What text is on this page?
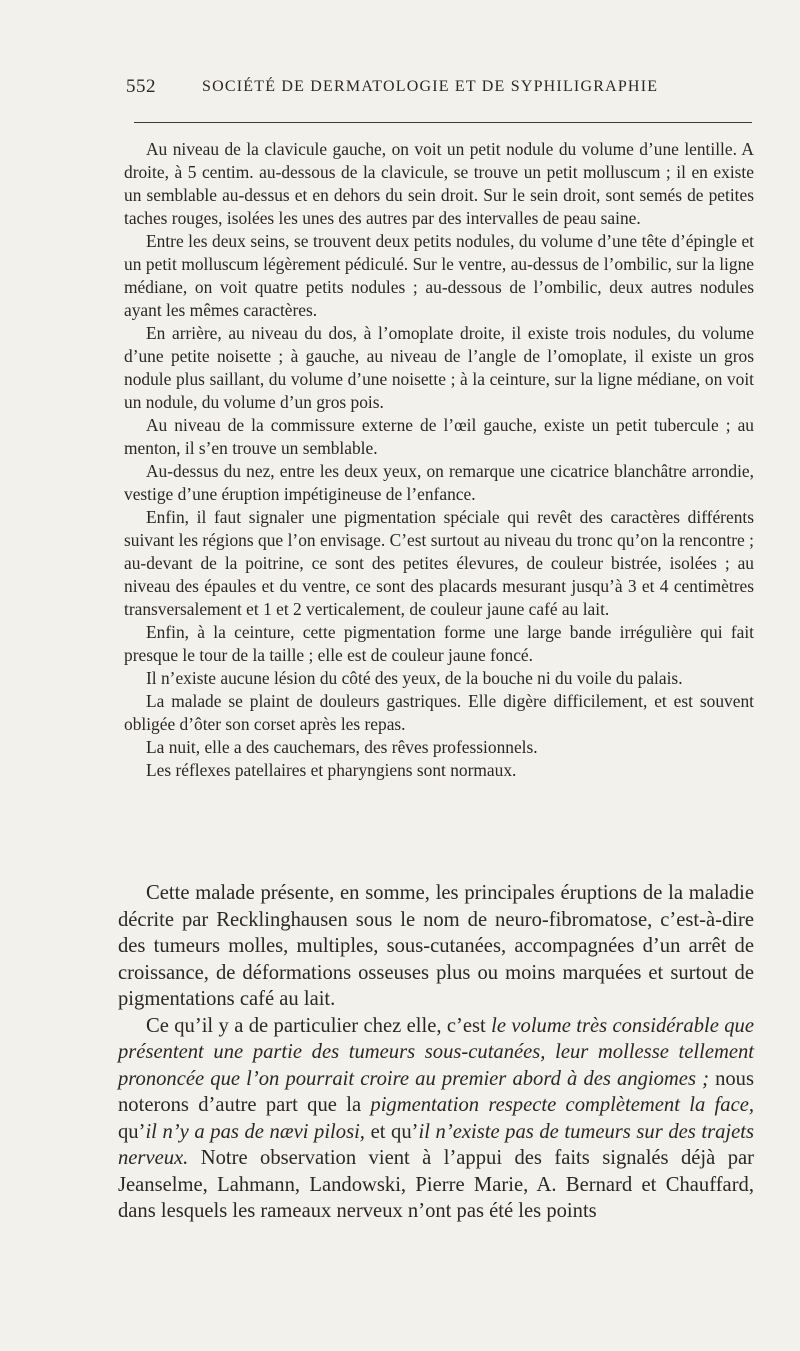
552	SOCIÉTÉ DE DERMATOLOGIE ET DE SYPHILIGRAPHIE

Au niveau de la clavicule gauche, on voit un petit nodule du volume d’une lentille. A droite, à 5 centim. au-dessous de la clavicule, se trouve un petit molluscum ; il en existe un semblable au-dessus et en dehors du sein droit. Sur le sein droit, sont semés de petites taches rouges, isolées les unes des autres par des intervalles de peau saine.

Entre les deux seins, se trouvent deux petits nodules, du volume d’une tête d’épingle et un petit molluscum légèrement pédiculé. Sur le ventre, au-dessus de l’ombilic, sur la ligne médiane, on voit quatre petits nodules ; au-dessous de l’ombilic, deux autres nodules ayant les mêmes caractères.

En arrière, au niveau du dos, à l’omoplate droite, il existe trois nodules, du volume d’une petite noisette ; à gauche, au niveau de l’angle de l’omoplate, il existe un gros nodule plus saillant, du volume d’une noisette ; à la ceinture, sur la ligne médiane, on voit un nodule, du volume d’un gros pois.

Au niveau de la commissure externe de l’œil gauche, existe un petit tubercule ; au menton, il s’en trouve un semblable.

Au-dessus du nez, entre les deux yeux, on remarque une cicatrice blanchâtre arrondie, vestige d’une éruption impétigineuse de l’enfance.

Enfin, il faut signaler une pigmentation spéciale qui revêt des caractères différents suivant les régions que l’on envisage. C’est surtout au niveau du tronc qu’on la rencontre ; au-devant de la poitrine, ce sont des petites élevures, de couleur bistrée, isolées ; au niveau des épaules et du ventre, ce sont des placards mesurant jusqu’à 3 et 4 centimètres transversalement et 1 et 2 verticalement, de couleur jaune café au lait.

Enfin, à la ceinture, cette pigmentation forme une large bande irrégulière qui fait presque le tour de la taille ; elle est de couleur jaune foncé.

Il n’existe aucune lésion du côté des yeux, de la bouche ni du voile du palais.

La malade se plaint de douleurs gastriques. Elle digère difficilement, et est souvent obligée d’ôter son corset après les repas.

La nuit, elle a des cauchemars, des rêves professionnels.

Les réflexes patellaires et pharyngiens sont normaux.

Cette malade présente, en somme, les principales éruptions de la maladie décrite par Recklinghausen sous le nom de neuro-fibromatose, c’est-à-dire des tumeurs molles, multiples, sous-cutanées, accompagnées d’un arrêt de croissance, de déformations osseuses plus ou moins marquées et surtout de pigmentations café au lait.

Ce qu’il y a de particulier chez elle, c’est le volume très considérable que présentent une partie des tumeurs sous-cutanées, leur mollesse tellement prononcée que l’on pourrait croire au premier abord à des angiomes ; nous noterons d’autre part que la pigmentation respecte complètement la face, qu’il n’y a pas de nævi pilosi, et qu’il n’existe pas de tumeurs sur des trajets nerveux. Notre observation vient à l’appui des faits signalés déjà par Jeanselme, Lahmann, Landowski, Pierre Marie, A. Bernard et Chauffard, dans lesquels les rameaux nerveux n’ont pas été les points
